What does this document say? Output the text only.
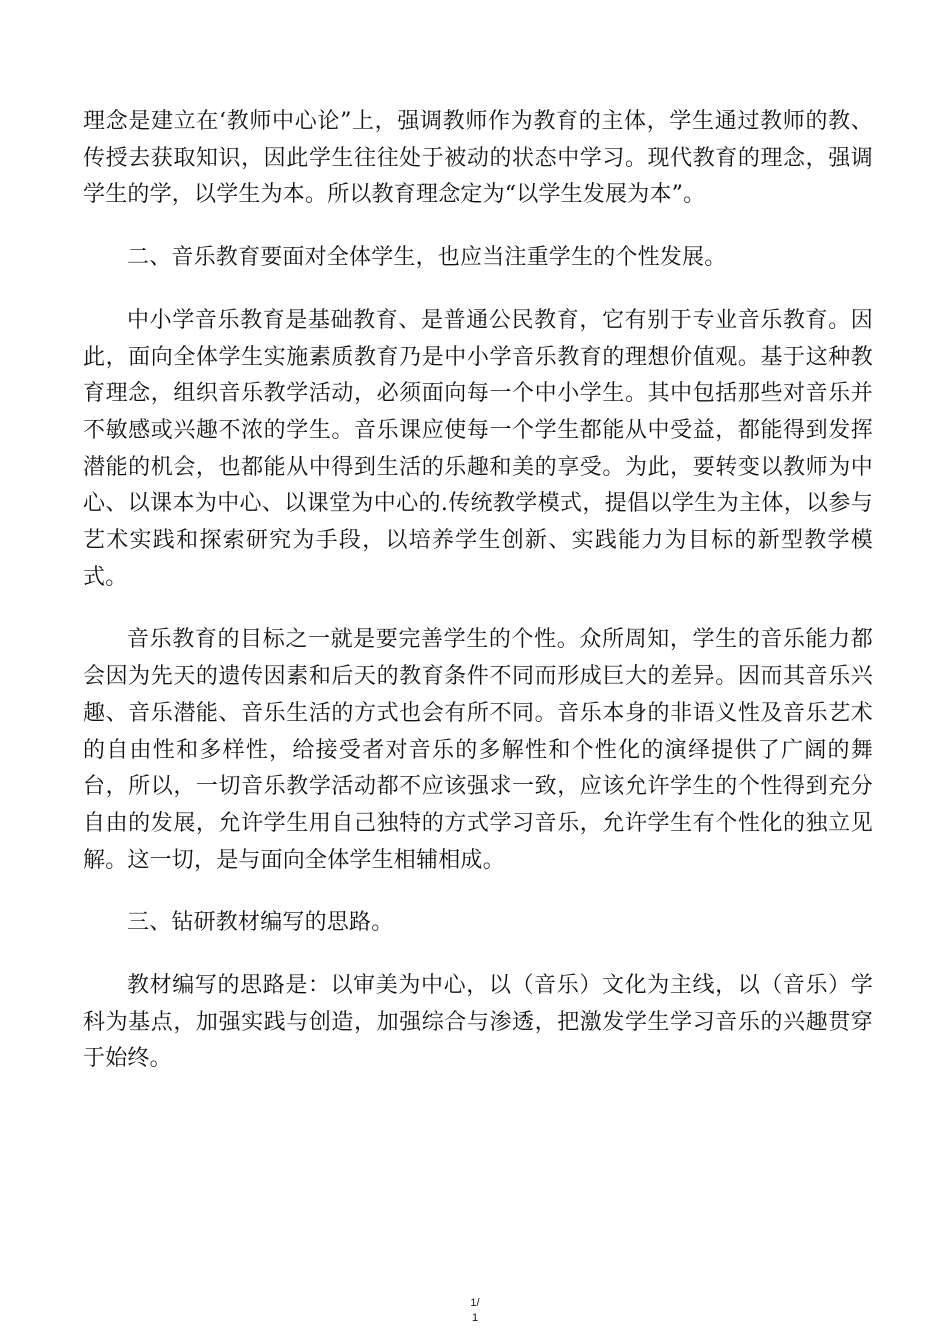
理念是建立在‘教师中心论”上，强调教师作为教育的主体，学生通过教师的教、传授去获取知识，因此学生往往处于被动的状态中学习。现代教育的理念，强调学生的学，以学生为本。所以教育理念定为“以学生发展为本”。

二、音乐教育要面对全体学生，也应当注重学生的个性发展。

中小学音乐教育是基础教育、是普通公民教育，它有别于专业音乐教育。因此，面向全体学生实施素质教育乃是中小学音乐教育的理想价值观。基于这种教育理念，组织音乐教学活动，必须面向每一个中小学生。其中包括那些对音乐并不敏感或兴趣不浓的学生。音乐课应使每一个学生都能从中受益，都能得到发挥潜能的机会，也都能从中得到生活的乐趣和美的享受。为此，要转变以教师为中心、以课本为中心、以课堂为中心的.传统教学模式，提倡以学生为主体，以参与艺术实践和探索研究为手段，以培养学生创新、实践能力为目标的新型教学模式。

音乐教育的目标之一就是要完善学生的个性。众所周知，学生的音乐能力都会因为先天的遗传因素和后天的教育条件不同而形成巨大的差异。因而其音乐兴趣、音乐潜能、音乐生活的方式也会有所不同。音乐本身的非语义性及音乐艺术的自由性和多样性，给接受者对音乐的多解性和个性化的演绎提供了广阔的舞台，所以，一切音乐教学活动都不应该强求一致，应该允许学生的个性得到充分自由的发展，允许学生用自己独特的方式学习音乐，允许学生有个性化的独立见解。这一切，是与面向全体学生相辅相成。

三、钻研教材编写的思路。

教材编写的思路是：以审美为中心，以（音乐）文化为主线，以（音乐）学科为基点，加强实践与创造，加强综合与渗透，把激发学生学习音乐的兴趣贯穿于始终。

1/
1
